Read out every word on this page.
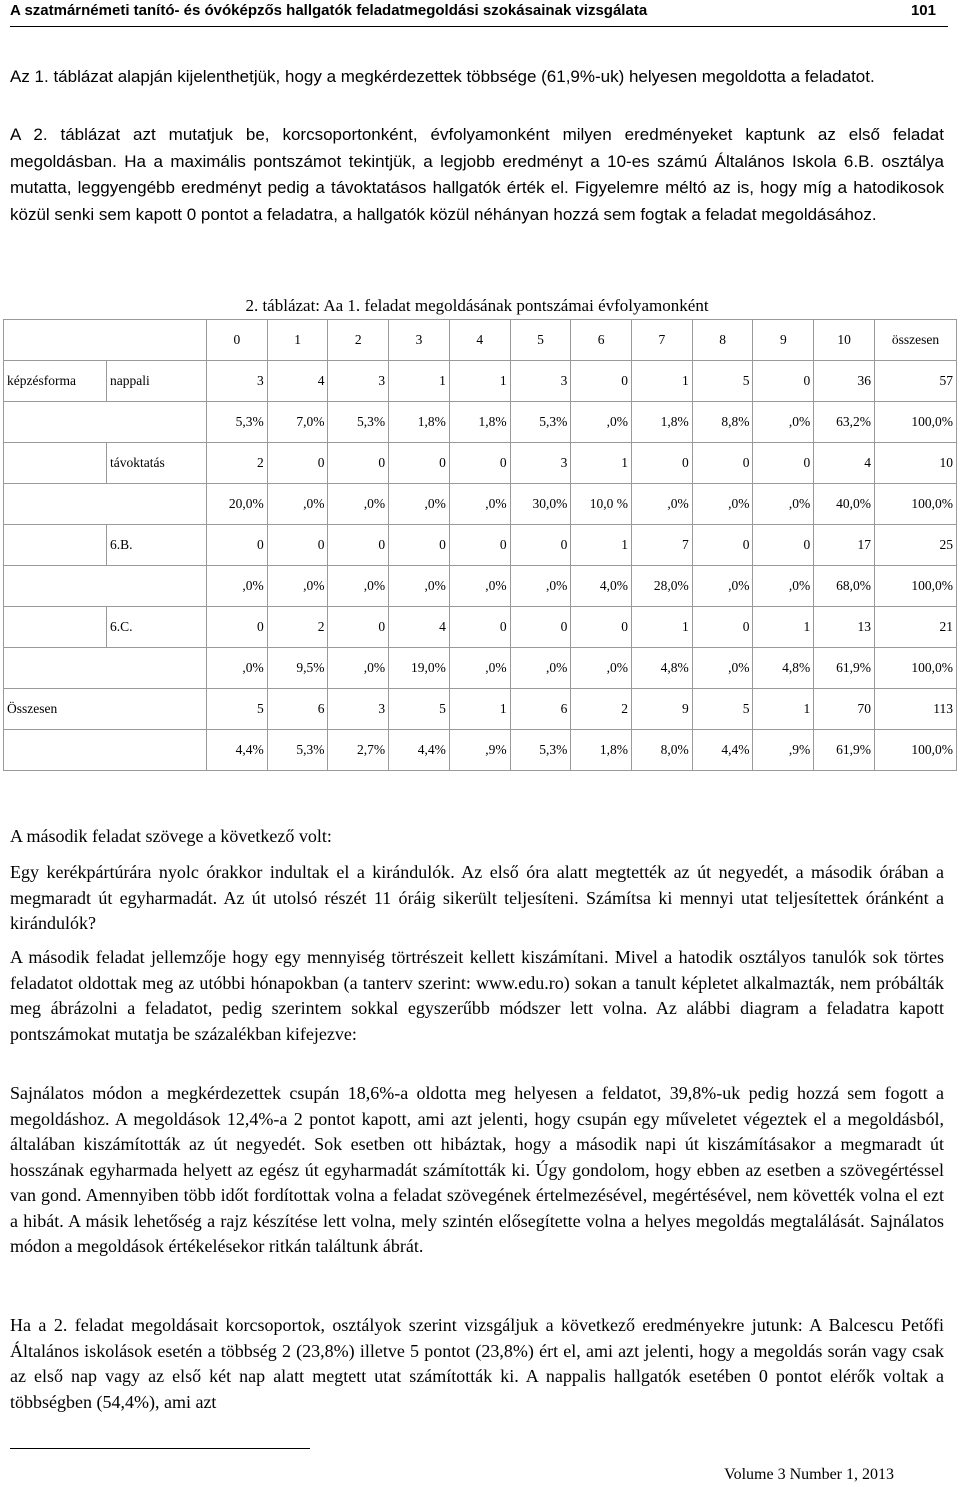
A szatmárnémeti tanító- és óvóképzős hallgatók feladatmegoldási szokásainak vizsgálata	101

Az 1. táblázat alapján kijelenthetjük, hogy a megkérdezettek többsége (61,9%-uk) helyesen megoldotta a feladatot.

A 2. táblázat azt mutatjuk be, korcsoportonként, évfolyamonként milyen eredményeket kaptunk az első feladat megoldásban. Ha a maximális pontszámot tekintjük, a legjobb eredményt a 10-es számú Általános Iskola 6.B. osztálya mutatta, leggyengébb eredményt pedig a távoktatásos hallgatók érték el. Figyelemre méltó az is, hogy míg a hatodikosok közül senki sem kapott 0 pontot a feladatra, a hallgatók közül néhányan hozzá sem fogtak a feladat megoldásához.

2. táblázat: Aa 1. feladat megoldásának pontszámai évfolyamonként

		0	1	2	3	4	5	6	7	8	9	10	összesen
képzésforma	nappali	3	4	3	1	1	3	0	1	5	0	36	57
		5,3%	7,0%	5,3%	1,8%	1,8%	5,3%	,0%	1,8%	8,8%	,0%	63,2%	100,0%
	távoktatás	2	0	0	0	0	3	1	0	0	0	4	10
		20,0%	,0%	,0%	,0%	,0%	30,0%	10,0 %	,0%	,0%	,0%	40,0%	100,0%
	6.B.	0	0	0	0	0	0	1	7	0	0	17	25
		,0%	,0%	,0%	,0%	,0%	,0%	4,0%	28,0%	,0%	,0%	68,0%	100,0%
	6.C.	0	2	0	4	0	0	0	1	0	1	13	21
		,0%	9,5%	,0%	19,0%	,0%	,0%	,0%	4,8%	,0%	4,8%	61,9%	100,0%
Összesen		5	6	3	5	1	6	2	9	5	1	70	113
		4,4%	5,3%	2,7%	4,4%	,9%	5,3%	1,8%	8,0%	4,4%	,9%	61,9%	100,0%

A második feladat szövege a következő volt:

Egy kerékpártúrára nyolc órakkor indultak el a kirándulók. Az első óra alatt megtették az út negyedét, a második órában a megmaradt út egyharmadát. Az út utolsó részét 11 óráig sikerült teljesíteni. Számítsa ki mennyi utat teljesítettek óránként a kirándulók?

A második feladat jellemzője hogy egy mennyiség törtrészeit kellett kiszámítani. Mivel a hatodik osztályos tanulók sok törtes feladatot oldottak meg az utóbbi hónapokban (a tanterv szerint: www.edu.ro) sokan a tanult képletet alkalmazták, nem próbálták meg ábrázolni a feladatot, pedig szerintem sokkal egyszerűbb módszer lett volna. Az alábbi diagram a feladatra kapott pontszámokat mutatja be százalékban kifejezve:

Sajnálatos módon a megkérdezettek csupán 18,6%-a oldotta meg helyesen a feldatot, 39,8%-uk pedig hozzá sem fogott a megoldáshoz. A megoldások 12,4%-a 2 pontot kapott, ami azt jelenti, hogy csupán egy műveletet végeztek el a megoldásból, általában kiszámították az út negyedét. Sok esetben ott hibáztak, hogy a második napi út kiszámításakor a megmaradt út hosszának egyharmada helyett az egész út egyharmadát számították ki. Úgy gondolom, hogy ebben az esetben a szövegértéssel van gond. Amennyiben több időt fordítottak volna a feladat szövegének értelmezésével, megértésével, nem követték volna el ezt a hibát. A másik lehetőség a rajz készítése lett volna, mely szintén elősegítette volna a helyes megoldás megtalálását. Sajnálatos módon a megoldások értékelésekor ritkán találtunk ábrát.

Ha a 2. feladat megoldásait korcsoportok, osztályok szerint vizsgáljuk a következő eredményekre jutunk: A Balcescu Petőfi Általános iskolások esetén a többség 2 (23,8%) illetve 5 pontot (23,8%) ért el, ami azt jelenti, hogy a megoldás során vagy csak az első nap vagy az első két nap alatt megtett utat számították ki. A nappalis hallgatók esetében 0 pontot elérők voltak a többségben (54,4%), ami azt

Volume 3 Number 1, 2013
